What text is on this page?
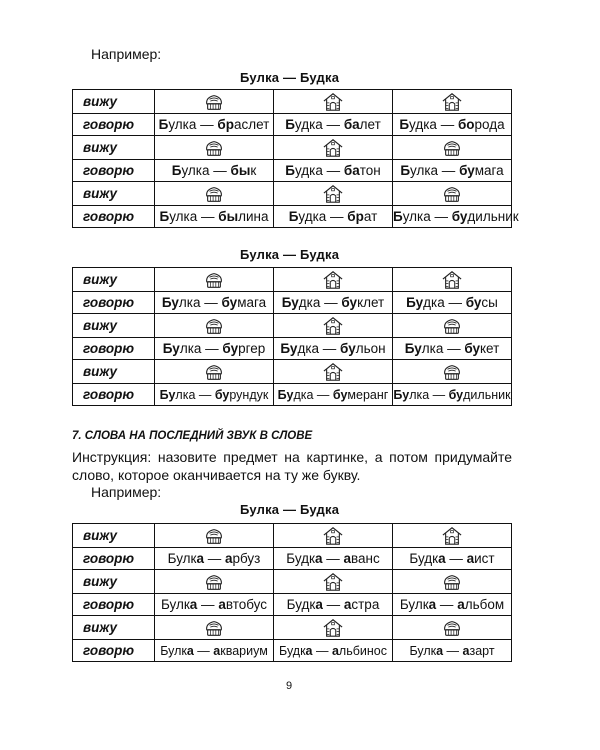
Например:
Булка — Будка
вижу			
говорю	Булка — браслет	Будка — балет	Будка — борода
вижу			
говорю	Булка — бык	Будка — батон	Булка — бумага
вижу			
говорю	Булка — былина	Будка — брат	Булка — будильник
Булка — Будка
вижу			
говорю	Булка — бумага	Будка — буклет	Будка — бусы
вижу			
говорю	Булка — бургер	Будка — бульон	Булка — букет
вижу			
говорю	Булка — бурундук	Будка — бумеранг	Булка — будильник
7. СЛОВА НА ПОСЛЕДНИЙ ЗВУК В СЛОВЕ
Инструкция: назовите предмет на картинке, а потом придумайте слово, которое оканчивается на ту же букву.
Например:
Булка — Будка
вижу			
говорю	Булка — арбуз	Будка — аванс	Будка — аист
вижу			
говорю	Булка — автобус	Будка — астра	Булка — альбом
вижу			
говорю	Булка — аквариум	Будка — альбинос	Булка — азарт
9
